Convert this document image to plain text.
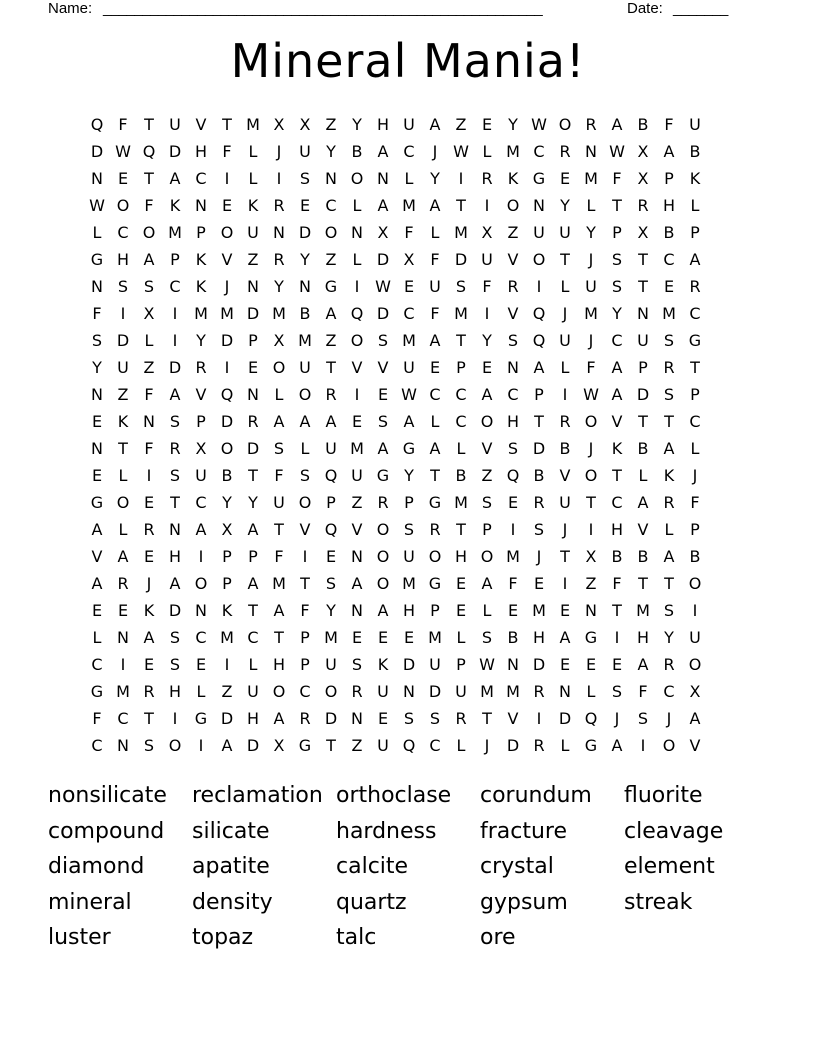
Name: ________________________________________________________	Date: _______
Mineral Mania!
Q F	T U V T M X X Z Y H U A Z E	Y W O R A B F U
D W Q D H F	L	J	U Y B A C	J W L M C R N W X A B
N E	T A C	I	L	I	S N O N L	Y	I	R K G E M F X P K
W O F	K N E K R E C L	A M A T	I	O N Y	L	T R H L
L C O M P O U N D O N X F	L M X Z U U Y	P X B P
G H A P K V Z R Y Z	L D X F D U V O T	J	S	T C A
N S S C K	J	N Y N G	I W E U S	F R	I	L U S	T	E R
F	I	X	I	M M D M B A Q D C F M	I	V Q	J	M Y N M C
S D L	I	Y D P X M Z O S M A T	Y	S Q U	J	C U S G
Y U Z D R	I	E O U T V V U E	P	E N A	L	F A P R T
N Z F A V Q N L O R	I	E W C C A C P	I W A D S	P
E K N S	P D R A A A E S A	L C O H T R O V T	T C
N T	F R X O D S	L U M A G A	L	V S D B	J	K B A	L
E	L	I	S U B T	F	S Q U G Y	T B Z Q B V O T	L	K	J
G O E	T C Y	Y U O P Z R P G M S E R U T C A R F
A	L R N A X A T V Q V O S R T	P	I	S	J	I	H V	L	P
V A E H	I	P	P	F	I	E N O U O H O M	J	T X B B A B
A R	J	A O P A M T	S A O M G E A F	E	I	Z F	T	T O
E E K D N K T A F	Y N A H P	E	L	E M E N T M S	I
L N A S C M C T	P M E E E M L	S B H A G	I	H Y U
C	I	E S E	I	L H P U S K D U P W N D E E E A R O
G M R H L	Z U O C O R U N D U M M R N L	S	F C X
F C T	I	G D H A R D N E S S R T V	I	D Q	J	S	J	A
C N S O	I	A D X G T Z U Q C L	J	D R L G A	I	O V
nonsilicate	reclamation orthoclase	corundum	fluorite
compound	silicate	hardness	fracture	cleavage
diamond	apatite	calcite	crystal	element
mineral	density	quartz	gypsum	streak
luster	topaz	talc	ore
